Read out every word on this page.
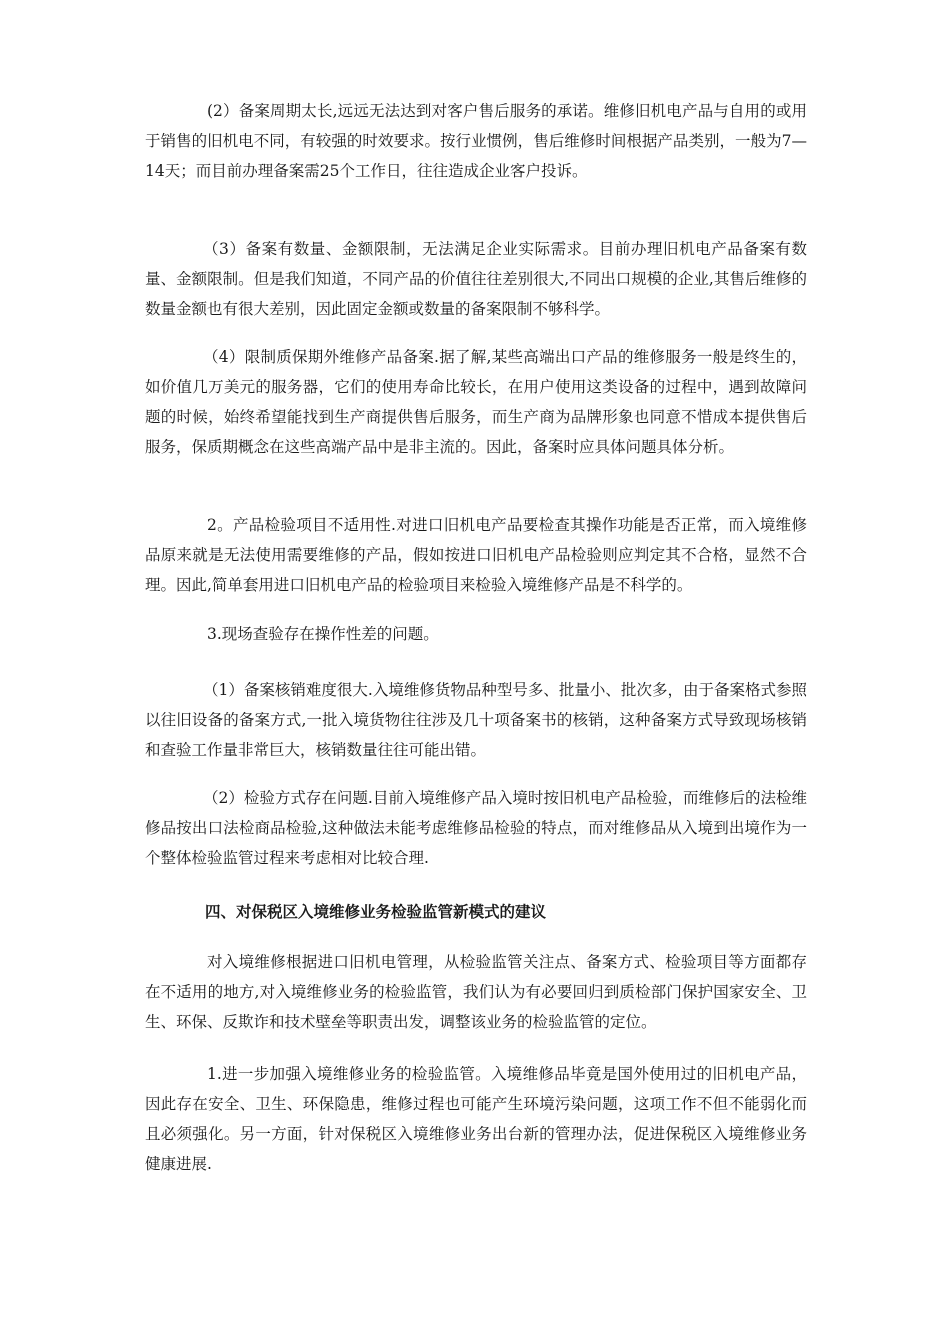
(2）备案周期太长,远远无法达到对客户售后服务的承诺。维修旧机电产品与自用的或用于销售的旧机电不同，有较强的时效要求。按行业惯例，售后维修时间根据产品类别，一般为7—14天；而目前办理备案需25个工作日，往往造成企业客户投诉。

（3）备案有数量、金额限制，无法满足企业实际需求。目前办理旧机电产品备案有数量、金额限制。但是我们知道，不同产品的价值往往差别很大,不同出口规模的企业,其售后维修的数量金额也有很大差别，因此固定金额或数量的备案限制不够科学。

（4）限制质保期外维修产品备案.据了解,某些高端出口产品的维修服务一般是终生的，如价值几万美元的服务器，它们的使用寿命比较长，在用户使用这类设备的过程中，遇到故障问题的时候，始终希望能找到生产商提供售后服务，而生产商为品牌形象也同意不惜成本提供售后服务，保质期概念在这些高端产品中是非主流的。因此，备案时应具体问题具体分析。

2。产品检验项目不适用性.对进口旧机电产品要检查其操作功能是否正常，而入境维修品原来就是无法使用需要维修的产品，假如按进口旧机电产品检验则应判定其不合格，显然不合理。因此,简单套用进口旧机电产品的检验项目来检验入境维修产品是不科学的。

3.现场查验存在操作性差的问题。

（1）备案核销难度很大.入境维修货物品种型号多、批量小、批次多，由于备案格式参照以往旧设备的备案方式,一批入境货物往往涉及几十项备案书的核销，这种备案方式导致现场核销和查验工作量非常巨大，核销数量往往可能出错。

（2）检验方式存在问题.目前入境维修产品入境时按旧机电产品检验，而维修后的法检维修品按出口法检商品检验,这种做法未能考虑维修品检验的特点，而对维修品从入境到出境作为一个整体检验监管过程来考虑相对比较合理.

四、对保税区入境维修业务检验监管新模式的建议

对入境维修根据进口旧机电管理，从检验监管关注点、备案方式、检验项目等方面都存在不适用的地方,对入境维修业务的检验监管，我们认为有必要回归到质检部门保护国家安全、卫生、环保、反欺诈和技术壁垒等职责出发，调整该业务的检验监管的定位。

1.进一步加强入境维修业务的检验监管。入境维修品毕竟是国外使用过的旧机电产品，因此存在安全、卫生、环保隐患，维修过程也可能产生环境污染问题，这项工作不但不能弱化而且必须强化。另一方面，针对保税区入境维修业务出台新的管理办法，促进保税区入境维修业务健康进展.
